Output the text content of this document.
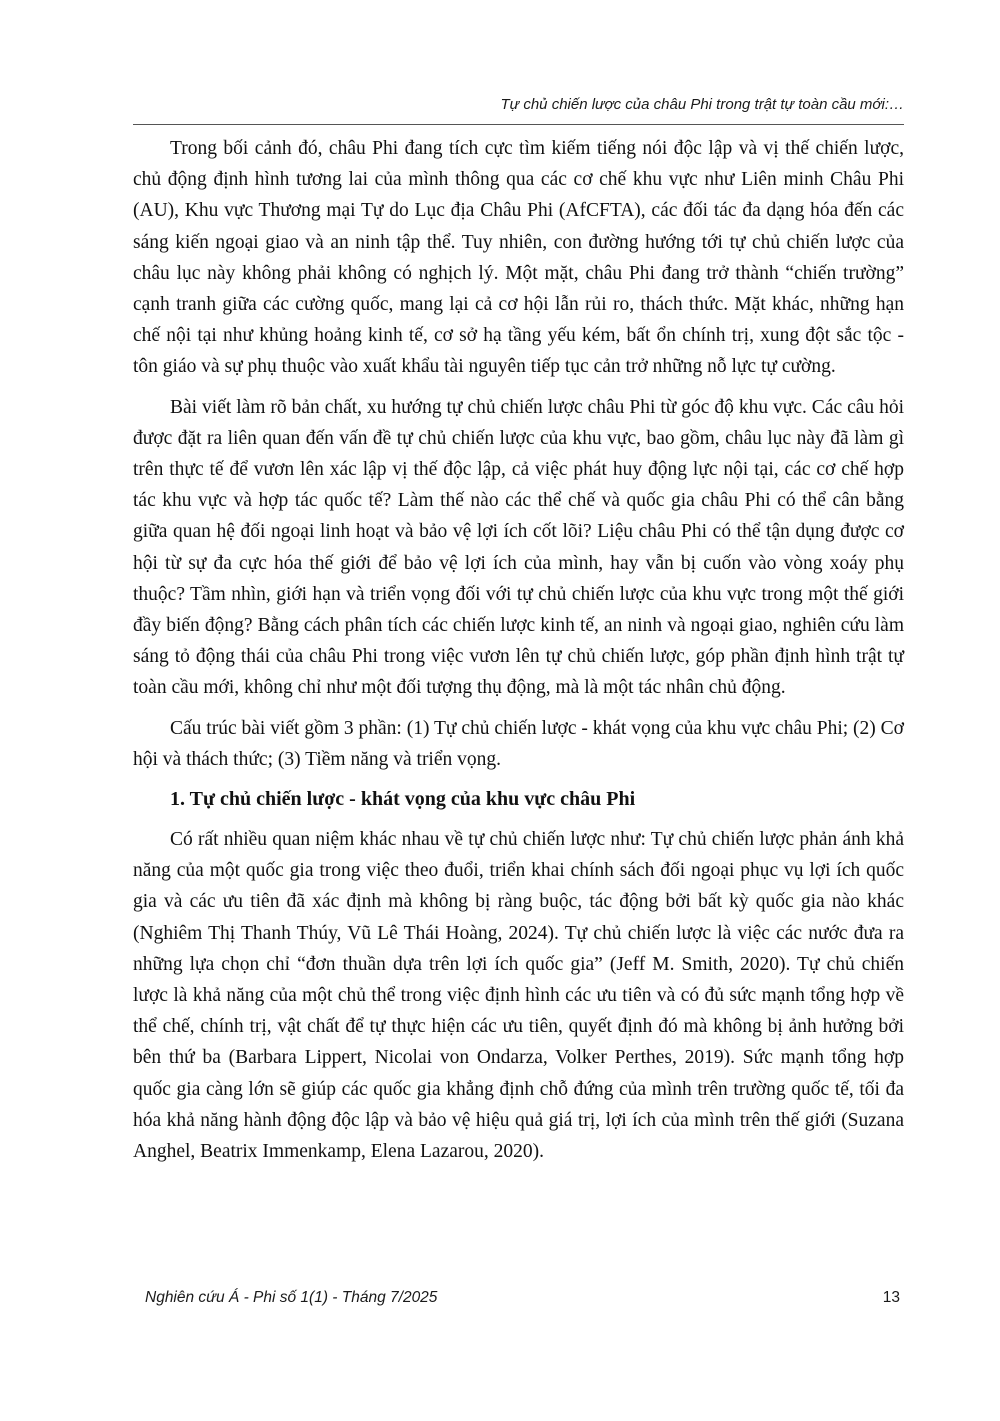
Tự chủ chiến lược của châu Phi trong trật tự toàn cầu mới:…

Trong bối cảnh đó, châu Phi đang tích cực tìm kiếm tiếng nói độc lập và vị thế chiến lược, chủ động định hình tương lai của mình thông qua các cơ chế khu vực như Liên minh Châu Phi (AU), Khu vực Thương mại Tự do Lục địa Châu Phi (AfCFTA), các đối tác đa dạng hóa đến các sáng kiến ngoại giao và an ninh tập thể. Tuy nhiên, con đường hướng tới tự chủ chiến lược của châu lục này không phải không có nghịch lý. Một mặt, châu Phi đang trở thành “chiến trường” cạnh tranh giữa các cường quốc, mang lại cả cơ hội lẫn rủi ro, thách thức. Mặt khác, những hạn chế nội tại như khủng hoảng kinh tế, cơ sở hạ tầng yếu kém, bất ổn chính trị, xung đột sắc tộc - tôn giáo và sự phụ thuộc vào xuất khẩu tài nguyên tiếp tục cản trở những nỗ lực tự cường.

Bài viết làm rõ bản chất, xu hướng tự chủ chiến lược châu Phi từ góc độ khu vực. Các câu hỏi được đặt ra liên quan đến vấn đề tự chủ chiến lược của khu vực, bao gồm, châu lục này đã làm gì trên thực tế để vươn lên xác lập vị thế độc lập, cả việc phát huy động lực nội tại, các cơ chế hợp tác khu vực và hợp tác quốc tế? Làm thế nào các thể chế và quốc gia châu Phi có thể cân bằng giữa quan hệ đối ngoại linh hoạt và bảo vệ lợi ích cốt lõi? Liệu châu Phi có thể tận dụng được cơ hội từ sự đa cực hóa thế giới để bảo vệ lợi ích của mình, hay vẫn bị cuốn vào vòng xoáy phụ thuộc? Tầm nhìn, giới hạn và triển vọng đối với tự chủ chiến lược của khu vực trong một thế giới đầy biến động? Bằng cách phân tích các chiến lược kinh tế, an ninh và ngoại giao, nghiên cứu làm sáng tỏ động thái của châu Phi trong việc vươn lên tự chủ chiến lược, góp phần định hình trật tự toàn cầu mới, không chỉ như một đối tượng thụ động, mà là một tác nhân chủ động.

Cấu trúc bài viết gồm 3 phần: (1) Tự chủ chiến lược - khát vọng của khu vực châu Phi; (2) Cơ hội và thách thức; (3) Tiềm năng và triển vọng.

1. Tự chủ chiến lược - khát vọng của khu vực châu Phi

Có rất nhiều quan niệm khác nhau về tự chủ chiến lược như: Tự chủ chiến lược phản ánh khả năng của một quốc gia trong việc theo đuổi, triển khai chính sách đối ngoại phục vụ lợi ích quốc gia và các ưu tiên đã xác định mà không bị ràng buộc, tác động bởi bất kỳ quốc gia nào khác (Nghiêm Thị Thanh Thúy, Vũ Lê Thái Hoàng, 2024). Tự chủ chiến lược là việc các nước đưa ra những lựa chọn chỉ “đơn thuần dựa trên lợi ích quốc gia” (Jeff M. Smith, 2020). Tự chủ chiến lược là khả năng của một chủ thể trong việc định hình các ưu tiên và có đủ sức mạnh tổng hợp về thể chế, chính trị, vật chất để tự thực hiện các ưu tiên, quyết định đó mà không bị ảnh hưởng bởi bên thứ ba (Barbara Lippert, Nicolai von Ondarza, Volker Perthes, 2019). Sức mạnh tổng hợp quốc gia càng lớn sẽ giúp các quốc gia khẳng định chỗ đứng của mình trên trường quốc tế, tối đa hóa khả năng hành động độc lập và bảo vệ hiệu quả giá trị, lợi ích của mình trên thế giới (Suzana Anghel, Beatrix Immenkamp, Elena Lazarou, 2020).

Nghiên cứu Á - Phi số 1(1) - Tháng 7/2025	13
